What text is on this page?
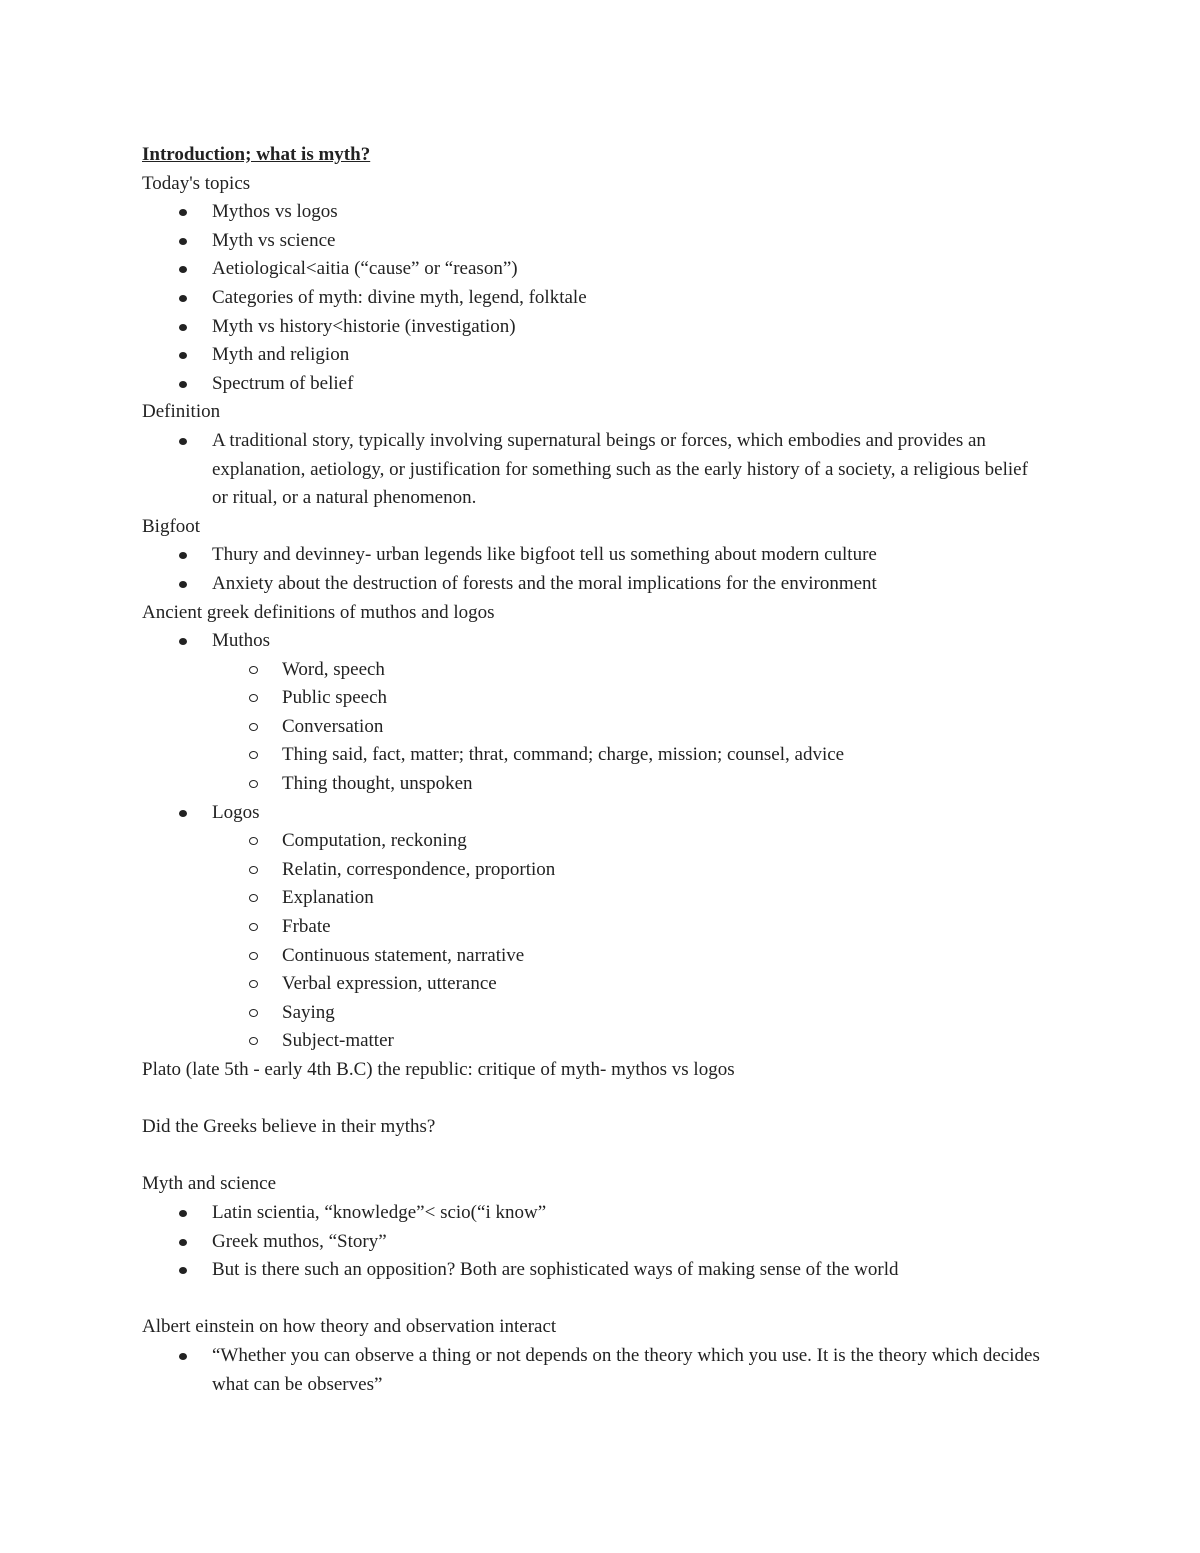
Introduction; what is myth?
Today's topics
Mythos vs logos
Myth vs science
Aetiological<aitia (“cause” or “reason”)
Categories of myth: divine myth, legend, folktale
Myth vs history<historie (investigation)
Myth and religion
Spectrum of belief
Definition
A traditional story, typically involving supernatural beings or forces, which embodies and provides an explanation, aetiology, or justification for something such as the early history of a society, a religious belief or ritual, or a natural phenomenon.
Bigfoot
Thury and devinney- urban legends like bigfoot tell us something about modern culture
Anxiety about the destruction of forests and the moral implications for the environment
Ancient greek definitions of muthos and logos
Muthos
Word, speech
Public speech
Conversation
Thing said, fact, matter; thrat, command; charge, mission; counsel, advice
Thing thought, unspoken
Logos
Computation, reckoning
Relatin, correspondence, proportion
Explanation
Frbate
Continuous statement, narrative
Verbal expression, utterance
Saying
Subject-matter
Plato (late 5th - early 4th B.C) the republic: critique of myth- mythos vs logos
Did the Greeks believe in their myths?
Myth and science
Latin scientia, “knowledge”< scio(“i know”
Greek muthos, “Story”
But is there such an opposition? Both are sophisticated ways of making sense of the world
Albert einstein on how theory and observation interact
“Whether you can observe a thing or not depends on the theory which you use. It is the theory which decides what can be observes”
